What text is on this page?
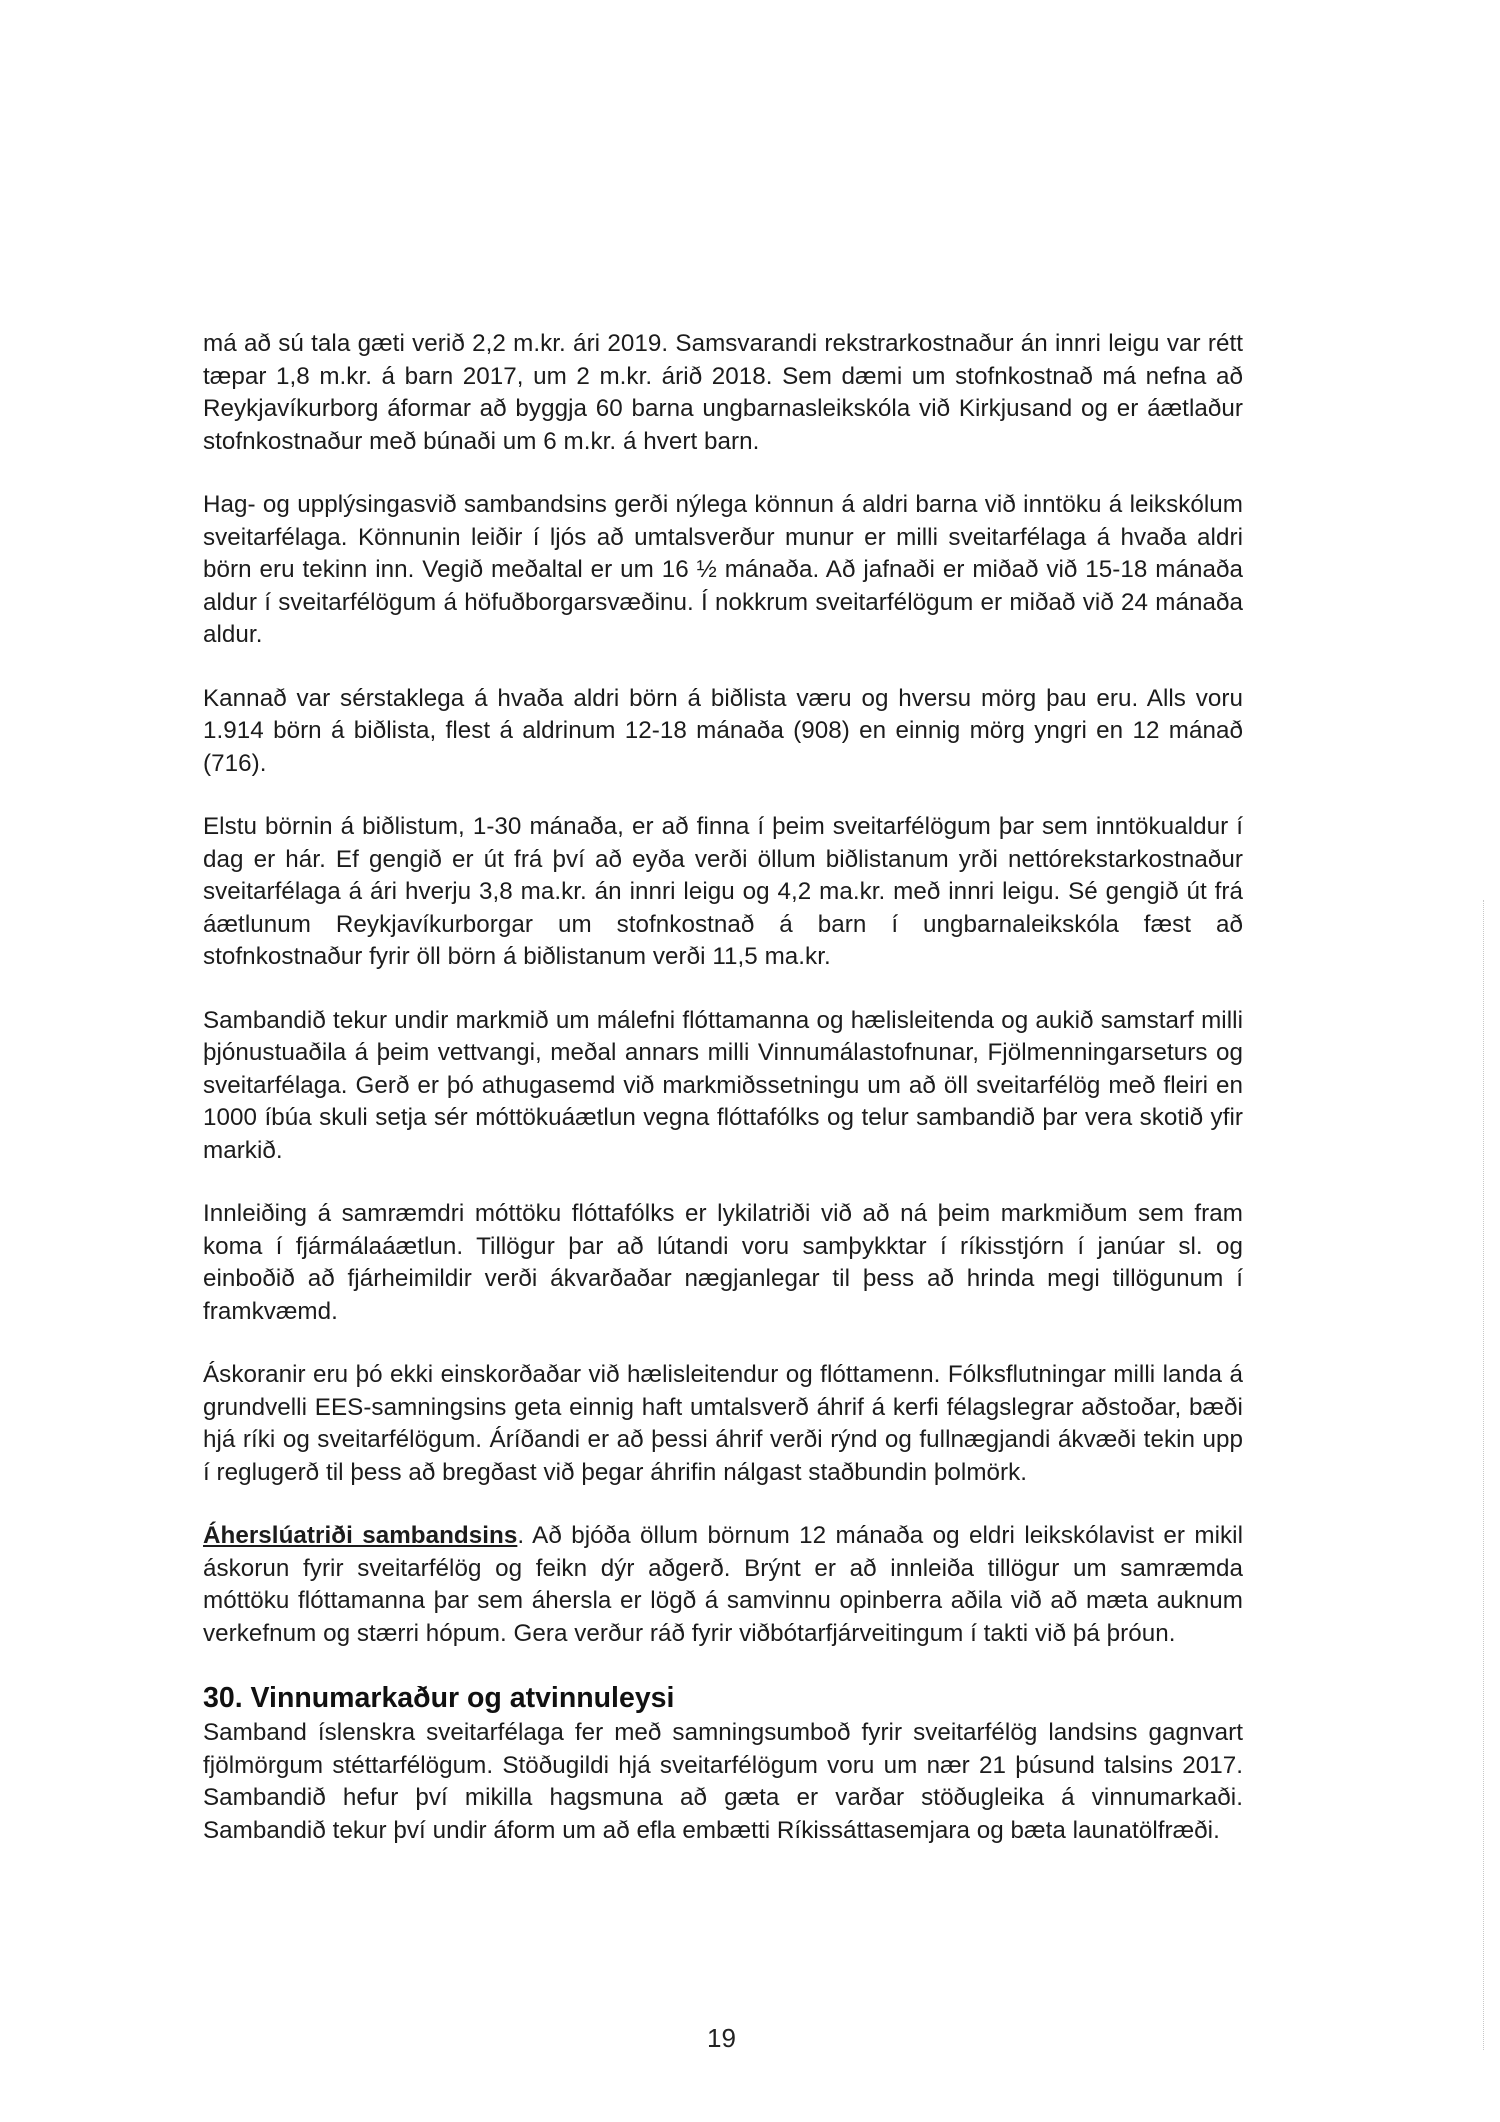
má að sú tala gæti verið 2,2 m.kr. ári 2019. Samsvarandi rekstrarkostnaður án innri leigu var rétt tæpar 1,8 m.kr. á barn 2017, um 2 m.kr. árið 2018. Sem dæmi um stofnkostnað má nefna að Reykjavíkurborg áformar að byggja 60 barna ungbarnasleikskóla við Kirkjusand og er áætlaður stofnkostnaður með búnaði um 6 m.kr. á hvert barn.

Hag- og upplýsingasvið sambandsins gerði nýlega könnun á aldri barna við inntöku á leikskólum sveitarfélaga. Könnunin leiðir í ljós að umtalsverður munur er milli sveitarfélaga á hvaða aldri börn eru tekinn inn. Vegið meðaltal er um 16 ½ mánaða. Að jafnaði er miðað við 15-18 mánaða aldur í sveitarfélögum á höfuðborgarsvæðinu. Í nokkrum sveitarfélögum er miðað við 24 mánaða aldur.

Kannað var sérstaklega á hvaða aldri börn á biðlista væru og hversu mörg þau eru. Alls voru 1.914 börn á biðlista, flest á aldrinum 12-18 mánaða (908) en einnig mörg yngri en 12 mánað (716).

Elstu börnin á biðlistum, 1-30 mánaða, er að finna í þeim sveitarfélögum þar sem inntökualdur í dag er hár. Ef gengið er út frá því að eyða verði öllum biðlistanum yrði nettórekstarkostnaður sveitarfélaga á ári hverju 3,8 ma.kr. án innri leigu og 4,2 ma.kr. með innri leigu. Sé gengið út frá áætlunum Reykjavíkurborgar um stofnkostnað á barn í ungbarnaleikskóla fæst að stofnkostnaður fyrir öll börn á biðlistanum verði 11,5 ma.kr.

Sambandið tekur undir markmið um málefni flóttamanna og hælisleitenda og aukið samstarf milli þjónustuaðila á þeim vettvangi, meðal annars milli Vinnumálastofnunar, Fjölmenningarseturs og sveitarfélaga. Gerð er þó athugasemd við markmiðssetningu um að öll sveitarfélög með fleiri en 1000 íbúa skuli setja sér móttökuáætlun vegna flóttafólks og telur sambandið þar vera skotið yfir markið.

Innleiðing á samræmdri móttöku flóttafólks er lykilatriði við að ná þeim markmiðum sem fram koma í fjármálaáætlun. Tillögur þar að lútandi voru samþykktar í ríkisstjórn í janúar sl. og einboðið að fjárheimildir verði ákvarðaðar nægjanlegar til þess að hrinda megi tillögunum í framkvæmd.

Áskoranir eru þó ekki einskorðaðar við hælisleitendur og flóttamenn. Fólksflutningar milli landa á grundvelli EES-samningsins geta einnig haft umtalsverð áhrif á kerfi félagslegrar aðstoðar, bæði hjá ríki og sveitarfélögum. Áríðandi er að þessi áhrif verði rýnd og fullnægjandi ákvæði tekin upp í reglugerð til þess að bregðast við þegar áhrifin nálgast staðbundin þolmörk.

Áherslúatriði sambandsins. Að bjóða öllum börnum 12 mánaða og eldri leikskólavist er mikil áskorun fyrir sveitarfélög og feikn dýr aðgerð. Brýnt er að innleiða tillögur um samræmda móttöku flóttamanna þar sem áhersla er lögð á samvinnu opinberra aðila við að mæta auknum verkefnum og stærri hópum. Gera verður ráð fyrir viðbótarfjárveitingum í takti við þá þróun.

30. Vinnumarkaður og atvinnuleysi

Samband íslenskra sveitarfélaga fer með samningsumboð fyrir sveitarfélög landsins gagnvart fjölmörgum stéttarfélögum. Stöðugildi hjá sveitarfélögum voru um nær 21 þúsund talsins 2017. Sambandið hefur því mikilla hagsmuna að gæta er varðar stöðugleika á vinnumarkaði. Sambandið tekur því undir áform um að efla embætti Ríkissáttasemjara og bæta launatölfræði.

19
